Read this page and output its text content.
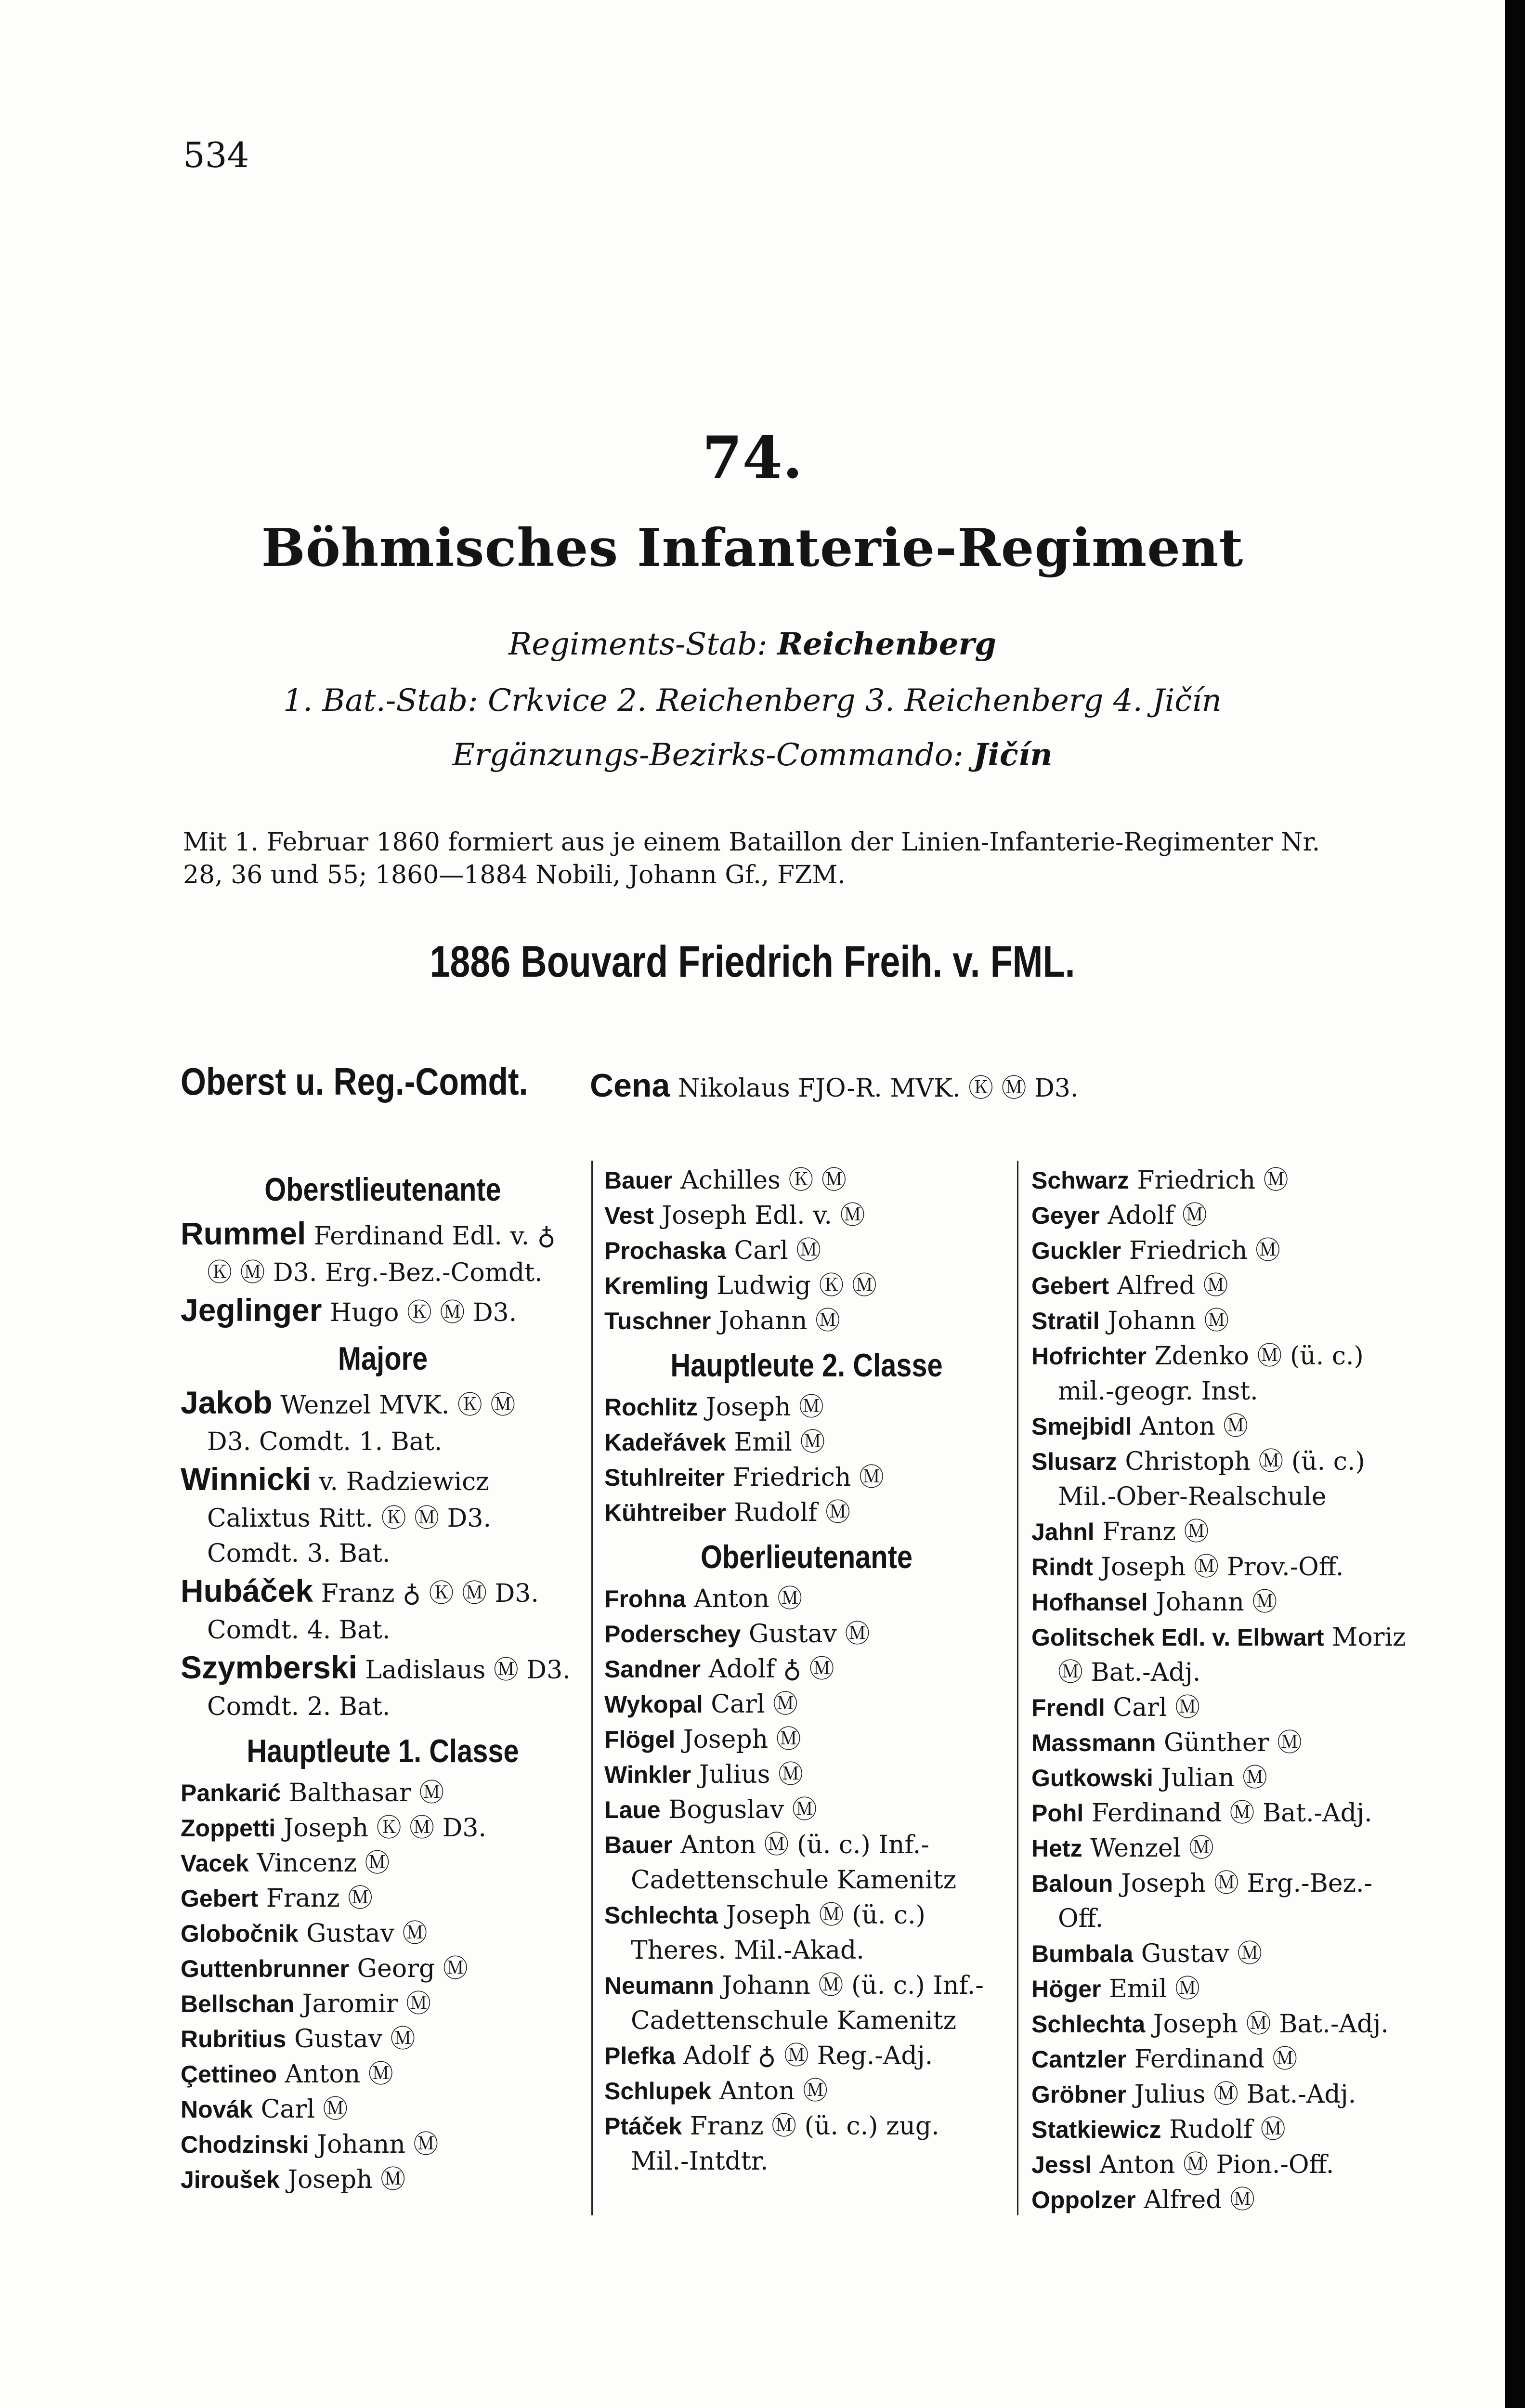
534
74.
Böhmisches Infanterie-Regiment
Regiments-Stab: Reichenberg
1. Bat.-Stab: Crkvice 2. Reichenberg 3. Reichenberg 4. Jičín
Ergänzungs-Bezirks-Commando: Jičín
Mit 1. Februar 1860 formiert aus je einem Bataillon der Linien-Infanterie-Regimenter Nr. 28, 36 und 55; 1860—1884 Nobili, Johann Gf., FZM.
1886 Bouvard Friedrich Freih. v. FML.
Oberst u. Reg.-Comdt. Cena Nikolaus FJO-R. MVK. Ⓚ Ⓜ D3.
Oberstlieutenante
Rummel Ferdinand Edl. v. ♁
Ⓚ Ⓜ D3. Erg.-Bez.-Comdt.
Jeglinger Hugo Ⓚ Ⓜ D3.
Majore
Jakob Wenzel MVK. Ⓚ Ⓜ
D3. Comdt. 1. Bat.
Winnicki v. Radziewicz
Calixtus Ritt. Ⓚ Ⓜ D3.
Comdt. 3. Bat.
Hubáček Franz ♁ Ⓚ Ⓜ D3.
Comdt. 4. Bat.
Szymberski Ladislaus Ⓜ D3.
Comdt. 2. Bat.
Hauptleute 1. Classe
Pankarić Balthasar Ⓜ
Zoppetti Joseph Ⓚ Ⓜ D3.
Vacek Vincenz Ⓜ
Gebert Franz Ⓜ
Globočnik Gustav Ⓜ
Guttenbrunner Georg Ⓜ
Bellschan Jaromir Ⓜ
Rubritius Gustav Ⓜ
Çettineo Anton Ⓜ
Novák Carl Ⓜ
Chodzinski Johann Ⓜ
Jiroušek Joseph Ⓜ
Bauer Achilles Ⓚ Ⓜ
Vest Joseph Edl. v. Ⓜ
Prochaska Carl Ⓜ
Kremling Ludwig Ⓚ Ⓜ
Tuschner Johann Ⓜ
Hauptleute 2. Classe
Rochlitz Joseph Ⓜ
Kadeřávek Emil Ⓜ
Stuhlreiter Friedrich Ⓜ
Kühtreiber Rudolf Ⓜ
Oberlieutenante
Frohna Anton Ⓜ
Poderschey Gustav Ⓜ
Sandner Adolf ♁ Ⓜ
Wykopal Carl Ⓜ
Flögel Joseph Ⓜ
Winkler Julius Ⓜ
Laue Boguslav Ⓜ
Bauer Anton Ⓜ (ü. c.) Inf.-
Cadettenschule Kamenitz
Schlechta Joseph Ⓜ (ü. c.)
Theres. Mil.-Akad.
Neumann Johann Ⓜ (ü. c.) Inf.-
Cadettenschule Kamenitz
Plefka Adolf ♁ Ⓜ Reg.-Adj.
Schlupek Anton Ⓜ
Ptáček Franz Ⓜ (ü. c.) zug.
Mil.-Intdtr.
Schwarz Friedrich Ⓜ
Geyer Adolf Ⓜ
Guckler Friedrich Ⓜ
Gebert Alfred Ⓜ
Stratil Johann Ⓜ
Hofrichter Zdenko Ⓜ (ü. c.)
mil.-geogr. Inst.
Smejbidl Anton Ⓜ
Slusarz Christoph Ⓜ (ü. c.)
Mil.-Ober-Realschule
Jahnl Franz Ⓜ
Rindt Joseph Ⓜ Prov.-Off.
Hofhansel Johann Ⓜ
Golitschek Edl. v. Elbwart Moriz
Ⓜ Bat.-Adj.
Frendl Carl Ⓜ
Massmann Günther Ⓜ
Gutkowski Julian Ⓜ
Pohl Ferdinand Ⓜ Bat.-Adj.
Hetz Wenzel Ⓜ
Baloun Joseph Ⓜ Erg.-Bez.-
Off.
Bumbala Gustav Ⓜ
Höger Emil Ⓜ
Schlechta Joseph Ⓜ Bat.-Adj.
Cantzler Ferdinand Ⓜ
Gröbner Julius Ⓜ Bat.-Adj.
Statkiewicz Rudolf Ⓜ
Jessl Anton Ⓜ Pion.-Off.
Oppolzer Alfred Ⓜ
